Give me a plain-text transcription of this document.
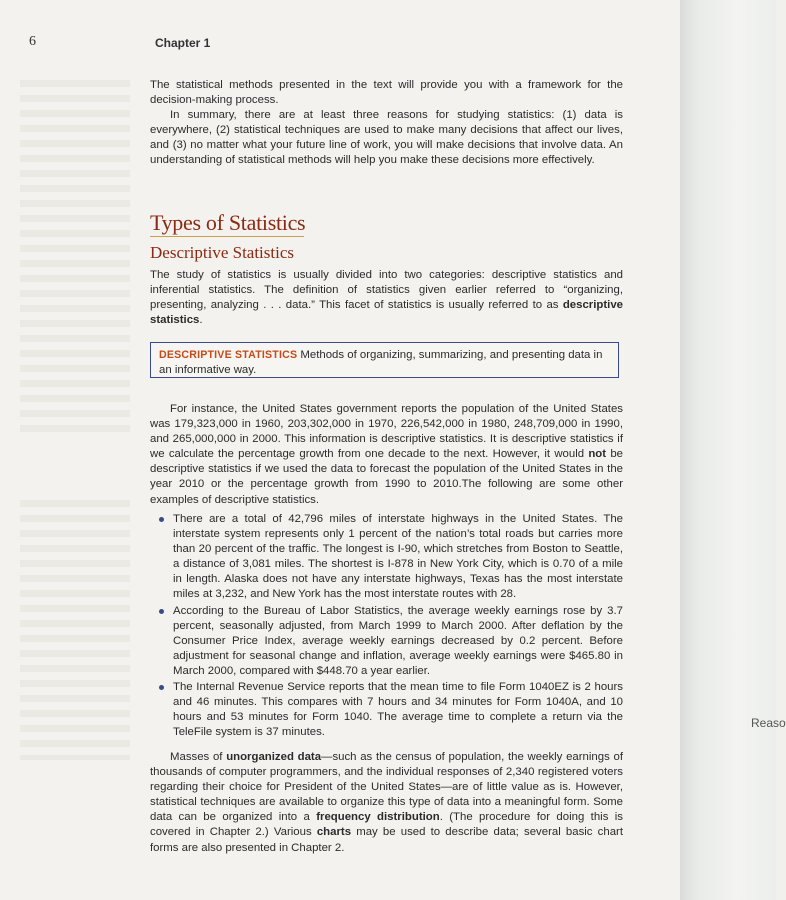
Reaso
6	Chapter 1

The statistical methods presented in the text will provide you with a framework for the decision-making process.

In summary, there are at least three reasons for studying statistics: (1) data is everywhere, (2) statistical techniques are used to make many decisions that affect our lives, and (3) no matter what your future line of work, you will make decisions that involve data. An understanding of statistical methods will help you make these decisions more effectively.

Types of Statistics
Descriptive Statistics

The study of statistics is usually divided into two categories: descriptive statistics and inferential statistics. The definition of statistics given earlier referred to “organizing, presenting, analyzing . . . data.” This facet of statistics is usually referred to as descriptive statistics.

DESCRIPTIVE STATISTICS Methods of organizing, summarizing, and presenting data in an informative way.

For instance, the United States government reports the population of the United States was 179,323,000 in 1960, 203,302,000 in 1970, 226,542,000 in 1980, 248,709,000 in 1990, and 265,000,000 in 2000. This information is descriptive statistics. It is descriptive statistics if we calculate the percentage growth from one decade to the next. However, it would not be descriptive statistics if we used the data to forecast the population of the United States in the year 2010 or the percentage growth from 1990 to 2010.The following are some other examples of descriptive statistics.

There are a total of 42,796 miles of interstate highways in the United States. The interstate system represents only 1 percent of the nation’s total roads but carries more than 20 percent of the traffic. The longest is I-90, which stretches from Boston to Seattle, a distance of 3,081 miles. The shortest is I-878 in New York City, which is 0.70 of a mile in length. Alaska does not have any interstate highways, Texas has the most interstate miles at 3,232, and New York has the most interstate routes with 28.
According to the Bureau of Labor Statistics, the average weekly earnings rose by 3.7 percent, seasonally adjusted, from March 1999 to March 2000. After deflation by the Consumer Price Index, average weekly earnings decreased by 0.2 percent. Before adjustment for seasonal change and inflation, average weekly earnings were $465.80 in March 2000, compared with $448.70 a year earlier.
The Internal Revenue Service reports that the mean time to file Form 1040EZ is 2 hours and 46 minutes. This compares with 7 hours and 34 minutes for Form 1040A, and 10 hours and 53 minutes for Form 1040. The average time to complete a return via the TeleFile system is 37 minutes.

Masses of unorganized data—such as the census of population, the weekly earnings of thousands of computer programmers, and the individual responses of 2,340 registered voters regarding their choice for President of the United States—are of little value as is. However, statistical techniques are available to organize this type of data into a meaningful form. Some data can be organized into a frequency distribution. (The procedure for doing this is covered in Chapter 2.) Various charts may be used to describe data; several basic chart forms are also presented in Chapter 2.
